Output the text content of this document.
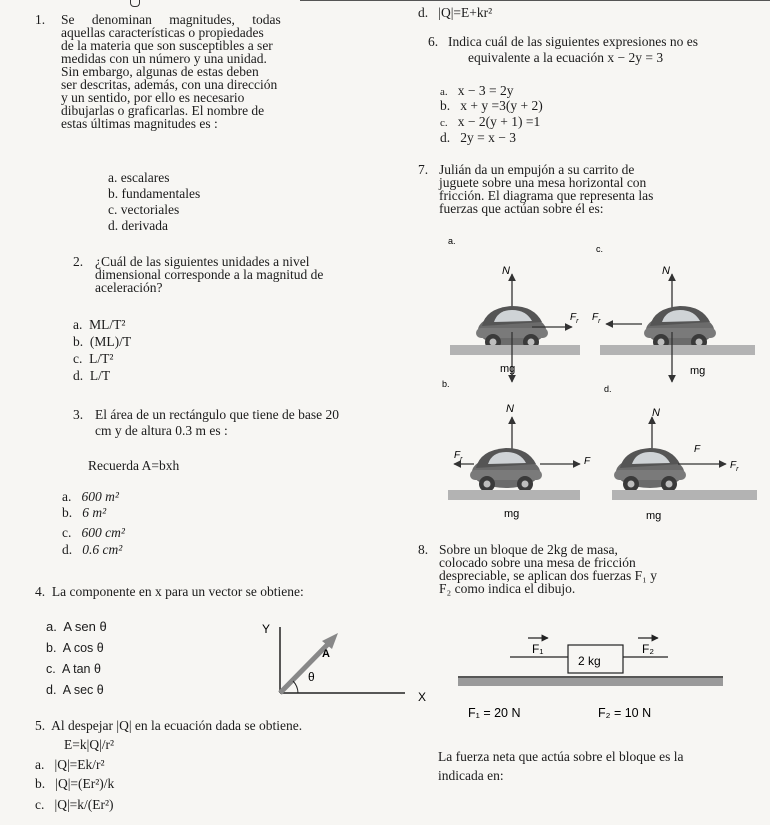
1. Se denominan magnitudes, todas

aquellas características o propiedades

de la materia que son susceptibles a ser

medidas con un número y una unidad.

Sin embargo, algunas de estas deben

ser descritas, además, con una dirección

y un sentido, por ello es necesario

dibujarlas o graficarlas. El nombre de

estas últimas magnitudes es :

a. escalares
b. fundamentales
c. vectoriales
d. derivada
2. ¿Cuál de las siguientes unidades a nivel

dimensional corresponde a la magnitud de

aceleración?

a. ML/T²
b. (ML)/T
c. L/T²
d. L/T
3. El área de un rectángulo que tiene de base 20

cm y de altura 0.3 m es :

Recuerda A=bxh
a. 600 m²
b. 6 m²
c. 600 cm²
d. 0.6 cm²
4. La componente en x para un vector se obtiene:
a. A sen θ
b. A cos θ
c. A tan θ
d. A sec θ
Y
X
A
θ
5. Al despejar |Q| en la ecuación dada se obtiene.
E=k|Q|/r²
a. |Q|=Ek/r²
b. |Q|=(Er²)/k
c. |Q|=k/(Er²)
d. |Q|=E+kr²
6. Indica cuál de las siguientes expresiones no es

equivalente a la ecuación x − 2y = 3

a. x − 3 = 2y
b. x + y =3(y + 2)
c. x − 2(y + 1) =1
d. 2y = x − 3
7. Julián da un empujón a su carrito de

juguete sobre una mesa horizontal con

fricción. El diagrama que representa las

fuerzas que actúan sobre él es:

a.
N
$F_r$
mg
c.
N
$F_r$
mg
b.
N
$F_r$	F
mg
d.
N
F
$F_r$
mg
8. Sobre un bloque de 2kg de masa,

colocado sobre una mesa de fricción

despreciable, se aplican dos fuerzas F₁ y

F₂ como indica el dibujo.

F₁
2 kg
F₂
F₁ = 20 N	F₂ = 10 N

La fuerza neta que actúa sobre el bloque es la

indicada en:
